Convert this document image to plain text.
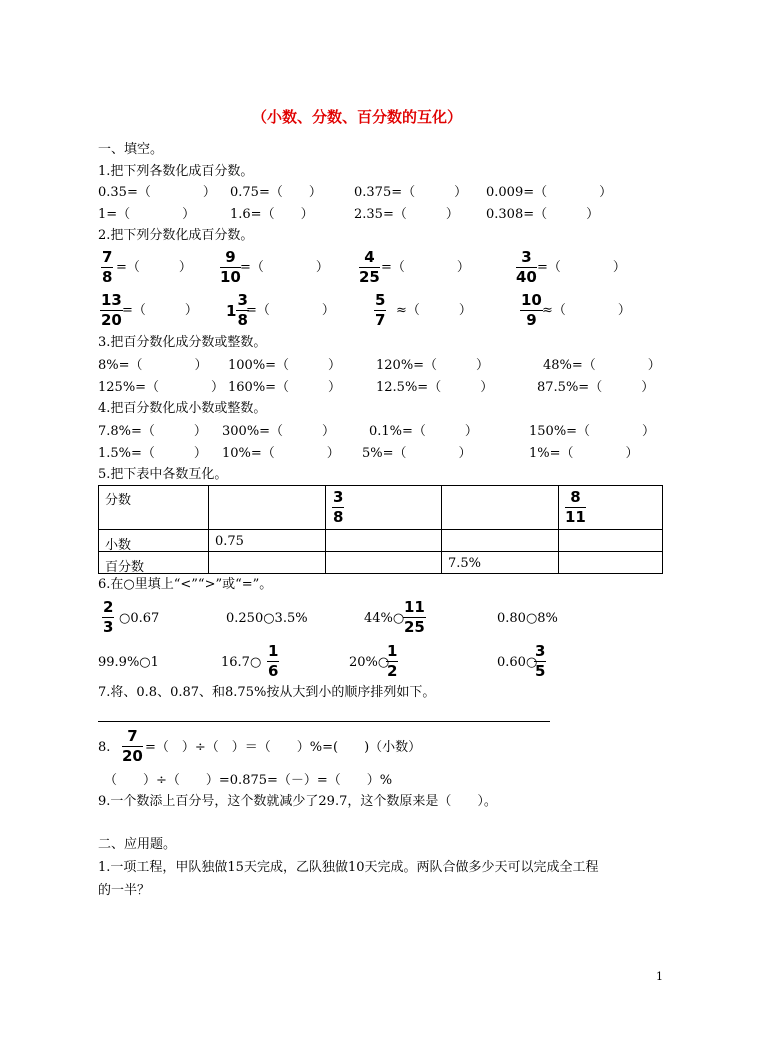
（小数、分数、百分数的互化）
一、填空。
1.把下列各数化成百分数。
0.35=（　　　　） 0.75=（　　） 0.375=（　　　） 0.009=（　　　　）
1=（　　　　）	1.6=（　　）	2.35=（　　　） 0.308=（　　　）
2.把下列分数化成百分数。
7
8
=（　　　）
9
10
=（　　　　）
4
25
=（　　　　）
3
40
=（　　　　）
13
20
=（　　　） $1 \frac{3}{8}$
=（　　　　）
5
7
≈（　　　）
10
9
≈（　　　　）
3.把百分数化成分数或整数。
8%=（　　　　） 100%=（　　　）	120%=（　　　）	48%=（　　　　）
125%=（　　　　） 160%=（　　　）	12.5%=（　　　）	87.5%=（　　　）
4.把百分数化成小数或整数。
7.8%=（　　　） 300%=（　　　）	0.1%=（　　　）	150%=（　　　　）
1.5%=（　　　） 10%=（　　　　） 5%=（　　　　）	1%=（　　　　）
5.把下表中各数互化。
分数		$\frac{3}{8}$		$\frac{8}{11}$

小数	0.75			
百分数			7.5%	
6.在○里填上“<”“>”或“=”。
2
3 ○0.67	0.250○3.5%	44%○
11
25	0.80○8%
99.9%○1	16.7○
1
6	20%○
1
2	0.60○
3
5
7.将、0.8、0.87、和8.75%按从大到小的顺序排列如下。
8.
7
20 =（　）÷（　）＝（　　）%=(　　)（小数）
（　　）÷（　　）=0.875=（－）=（　　）%
9.一个数添上百分号，这个数就减少了29.7，这个数原来是（　　）。
二、应用题。
1.一项工程，甲队独做15天完成，乙队独做10天完成。两队合做多少天可以完成全工程
的一半？
1
